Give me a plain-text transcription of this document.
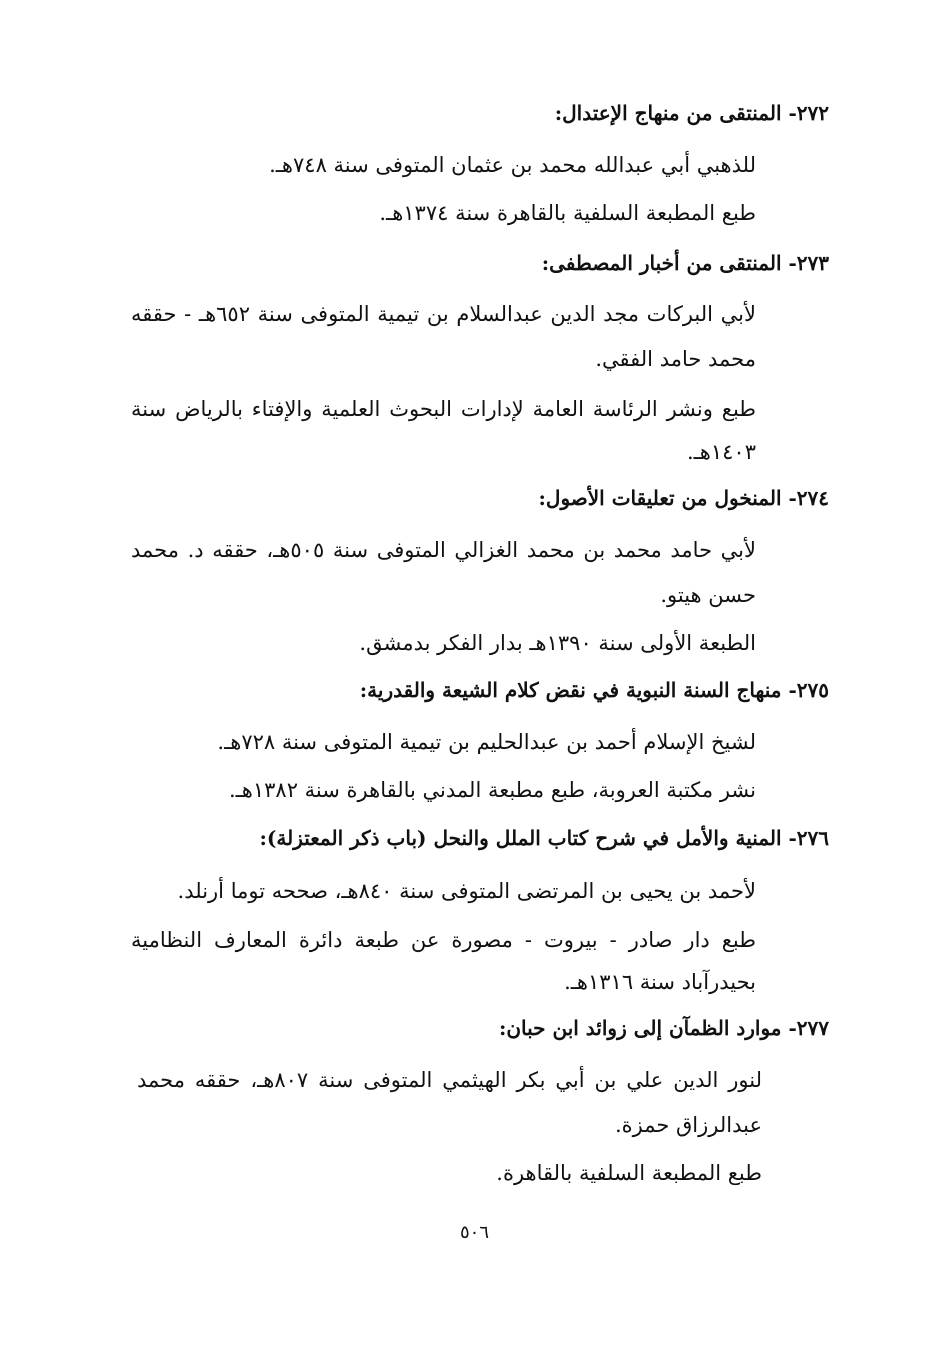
٢٧٢- المنتقى من منهاج الإعتدال:

للذهبي أبي عبدالله محمد بن عثمان المتوفى سنة ٧٤٨هـ.

طبع المطبعة السلفية بالقاهرة سنة ١٣٧٤هـ.

٢٧٣- المنتقى من أخبار المصطفى:

لأبي البركات مجد الدين عبدالسلام بن تيمية المتوفى سنة ٦٥٢هـ - حققه

محمد حامد الفقي.

طبع ونشر الرئاسة العامة لإدارات البحوث العلمية والإفتاء بالرياض سنة

١٤٠٣هـ.

٢٧٤- المنخول من تعليقات الأصول:

لأبي حامد محمد بن محمد الغزالي المتوفى سنة ٥٠٥هـ، حققه د. محمد

حسن هيتو.

الطبعة الأولى سنة ١٣٩٠هـ بدار الفكر بدمشق.

٢٧٥- منهاج السنة النبوية في نقض كلام الشيعة والقدرية:

لشيخ الإسلام أحمد بن عبدالحليم بن تيمية المتوفى سنة ٧٢٨هـ.

نشر مكتبة العروبة، طبع مطبعة المدني بالقاهرة سنة ١٣٨٢هـ.

٢٧٦- المنية والأمل في شرح كتاب الملل والنحل (باب ذكر المعتزلة):

لأحمد بن يحيى بن المرتضى المتوفى سنة ٨٤٠هـ، صححه توما أرنلد.

طبع دار صادر - بيروت - مصورة عن طبعة دائرة المعارف النظامية

بحيدرآباد سنة ١٣١٦هـ.

٢٧٧- موارد الظمآن إلى زوائد ابن حبان:

لنور الدين علي بن أبي بكر الهيثمي المتوفى سنة ٨٠٧هـ، حققه محمد

عبدالرزاق حمزة.

طبع المطبعة السلفية بالقاهرة.

٥٠٦
